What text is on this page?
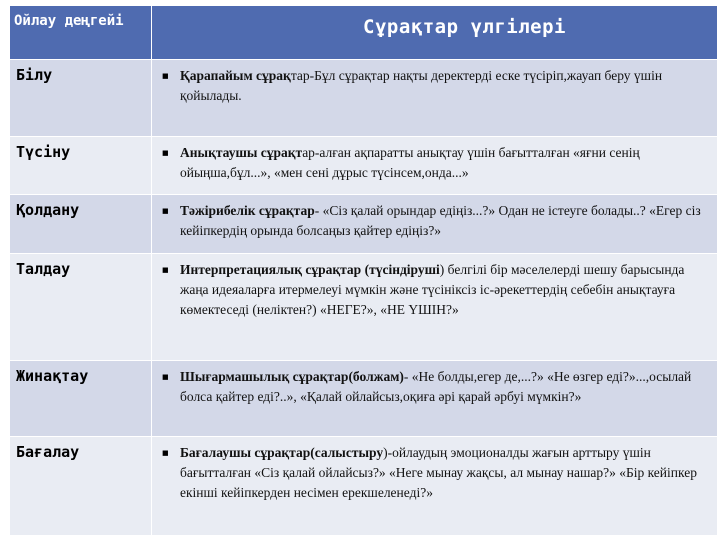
Ойлау деңгейі	Сұрақтар үлгілері
Білу	■ Қарапайым сұрақтар-Бұл сұрақтар нақты деректерді еске түсіріп,жауап беру үшін қойылады.

Түсіну	■ Анықтаушы сұрақтар-алған ақпаратты анықтау үшін бағытталған «яғни сенің ойыңша,бұл...», «мен сені дұрыс түсінсем,онда...»

Қолдану	■ Тәжірибелік сұрақтар- «Сіз қалай орындар едіңіз...?» Одан не істеуге болады..? «Егер сіз кейіпкердің орында болсаңыз қайтер едіңіз?»

Талдау	■ Интерпретациялық сұрақтар (түсіндіруші) белгілі бір мәселелерді шешу барысында жаңа идеяаларға итермелеуі мүмкін және түсініксіз іс-әрекеттердің себебін анықтауға көмектеседі (неліктен?) «НЕГЕ?», «НЕ ҮШІН?»

Жинақтау	■ Шығармашылық сұрақтар(болжам)- «Не болды,егер де,...?» «Не өзгер еді?»...,осылай болса қайтер еді?..», «Қалай ойлайсыз,оқиға әрі қарай әрбуі мүмкін?»

Бағалау	■ Бағалаушы сұрақтар(салыстыру)-ойлаудың эмоционалды жағын арттыру үшін бағытталған «Сіз қалай ойлайсыз?» «Неге мынау жақсы, ал мынау нашар?» «Бір кейіпкер екінші кейіпкерден несімен ерекшеленеді?»
